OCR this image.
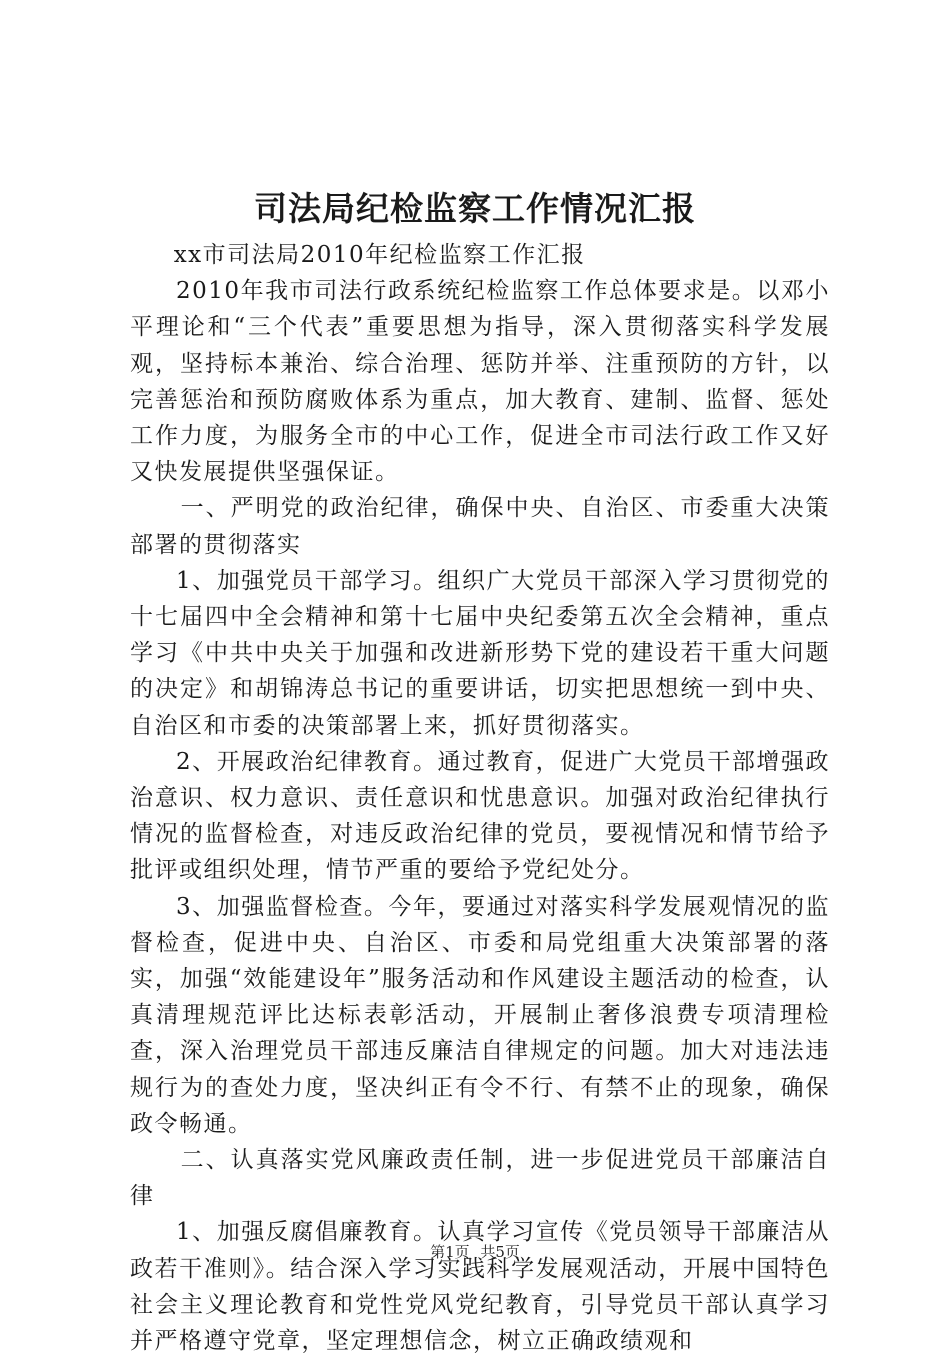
司法局纪检监察工作情况汇报

xx市司法局2010年纪检监察工作汇报

2010年我市司法行政系统纪检监察工作总体要求是。以邓小平理论和“三个代表”重要思想为指导，深入贯彻落实科学发展观，坚持标本兼治、综合治理、惩防并举、注重预防的方针，以完善惩治和预防腐败体系为重点，加大教育、建制、监督、惩处工作力度，为服务全市的中心工作，促进全市司法行政工作又好又快发展提供坚强保证。

一、严明党的政治纪律，确保中央、自治区、市委重大决策部署的贯彻落实

1、加强党员干部学习。组织广大党员干部深入学习贯彻党的十七届四中全会精神和第十七届中央纪委第五次全会精神，重点学习《中共中央关于加强和改进新形势下党的建设若干重大问题的决定》和胡锦涛总书记的重要讲话，切实把思想统一到中央、自治区和市委的决策部署上来，抓好贯彻落实。

2、开展政治纪律教育。通过教育，促进广大党员干部增强政治意识、权力意识、责任意识和忧患意识。加强对政治纪律执行情况的监督检查，对违反政治纪律的党员，要视情况和情节给予批评或组织处理，情节严重的要给予党纪处分。

3、加强监督检查。今年，要通过对落实科学发展观情况的监督检查，促进中央、自治区、市委和局党组重大决策部署的落实，加强“效能建设年”服务活动和作风建设主题活动的检查，认真清理规范评比达标表彰活动，开展制止奢侈浪费专项清理检查，深入治理党员干部违反廉洁自律规定的问题。加大对违法违规行为的查处力度，坚决纠正有令不行、有禁不止的现象，确保政令畅通。

二、认真落实党风廉政责任制，进一步促进党员干部廉洁自律

1、加强反腐倡廉教育。认真学习宣传《党员领导干部廉洁从政若干准则》。结合深入学习实践科学发展观活动，开展中国特色社会主义理论教育和党性党风党纪教育，引导党员干部认真学习并严格遵守党章，坚定理想信念，树立正确政绩观和

第1页 共5页
